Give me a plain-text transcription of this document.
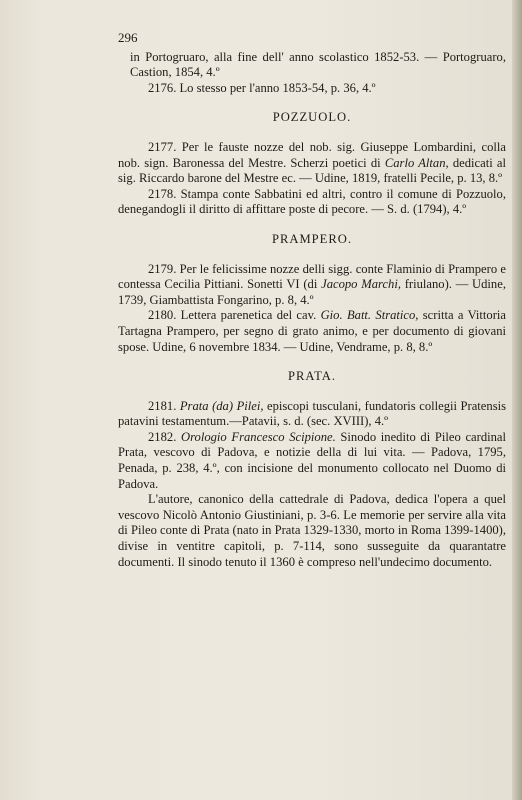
296

in Portogruaro, alla fine dell' anno scolastico 1852-53. — Portogruaro, Castion, 1854, 4.º

2176. Lo stesso per l'anno 1853-54, p. 36, 4.º

POZZUOLO.

2177. Per le fauste nozze del nob. sig. Giuseppe Lombardini, colla nob. sign. Baronessa del Mestre. Scherzi poetici di Carlo Altan, dedicati al sig. Riccardo barone del Mestre ec. — Udine, 1819, fratelli Pecile, p. 13, 8.º

2178. Stampa conte Sabbatini ed altri, contro il comune di Pozzuolo, denegandogli il diritto di affittare poste di pecore. — S. d. (1794), 4.º

PRAMPERO.

2179. Per le felicissime nozze delli sigg. conte Flaminio di Prampero e contessa Cecilia Pittiani. Sonetti VI (di Jacopo Marchi, friulano). — Udine, 1739, Giambattista Fongarino, p. 8, 4.º

2180. Lettera parenetica del cav. Gio. Batt. Stratico, scritta a Vittoria Tartagna Prampero, per segno di grato animo, e per documento di giovani spose. Udine, 6 novembre 1834. — Udine, Vendrame, p. 8, 8.º

PRATA.

2181. Prata (da) Pilei, episcopi tusculani, fundatoris collegii Pratensis patavini testamentum.—Patavii, s. d. (sec. XVIII), 4.º

2182. Orologio Francesco Scipione. Sinodo inedito di Pileo cardinal Prata, vescovo di Padova, e notizie della di lui vita. — Padova, 1795, Penada, p. 238, 4.º, con incisione del monumento collocato nel Duomo di Padova.

L'autore, canonico della cattedrale di Padova, dedica l'opera a quel vescovo Nicolò Antonio Giustiniani, p. 3-6. Le memorie per servire alla vita di Pileo conte di Prata (nato in Prata 1329-1330, morto in Roma 1399-1400), divise in ventitre capitoli, p. 7-114, sono susseguite da quarantatre documenti. Il sinodo tenuto il 1360 è compreso nell'undecimo documento.
